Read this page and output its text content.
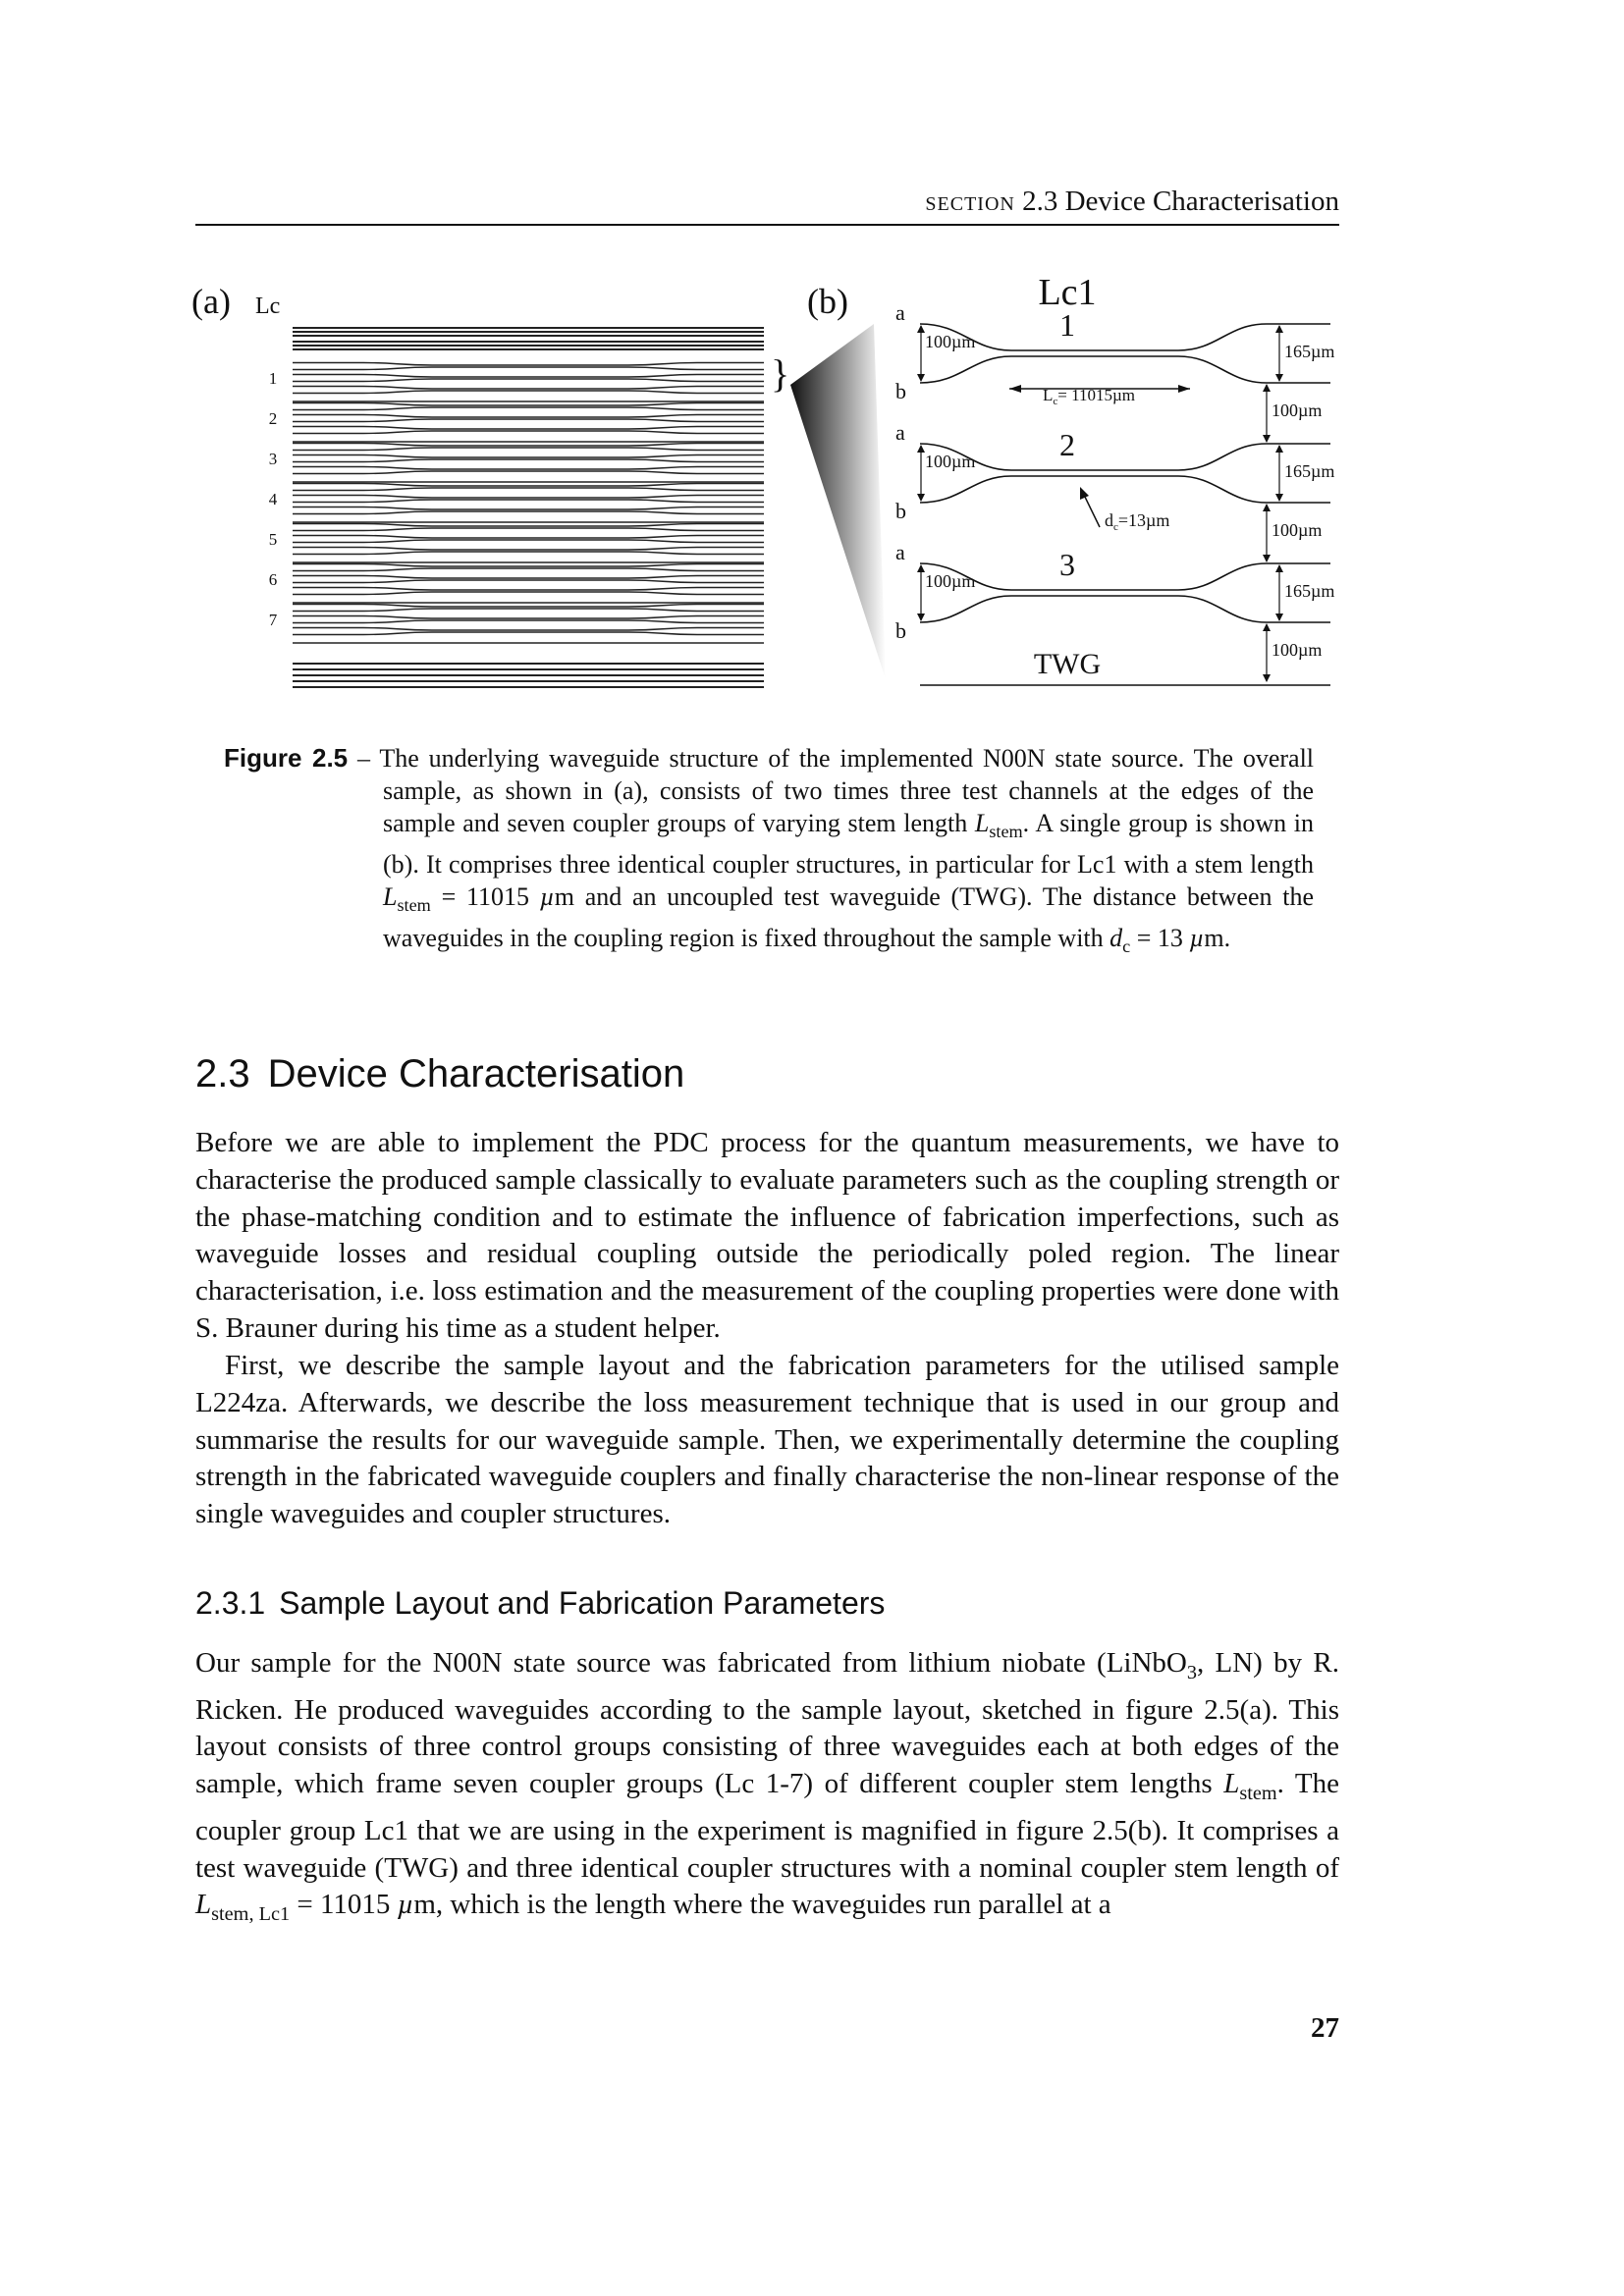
section 2.3 Device Characterisation
(a) Lc
1
2
3
4
5
6
7
}
(b)	Lc1
a
b
100µm	1
165µm
100µm
a
b
100µm	2
165µm
100µm
a
b
100µm	3
165µm
100µm
$L_c= 11015\mu m$
$d_c=13\mu m$
TWG
Figure 2.5 – The underlying waveguide structure of the implemented N00N state source. The overall sample, as shown in (a), consists of two times three test channels at the edges of the sample and seven coupler groups of varying stem length $L_{stem}$. A single group is shown in (b). It comprises three identical coupler structures, in particular for Lc1 with a stem length $L_{stem} = 11015$ µm and an uncoupled test waveguide (TWG). The distance between the waveguides in the coupling region is fixed throughout the sample with $d_c = 13$ µm.
2.3 Device Characterisation

Before we are able to implement the PDC process for the quantum measurements, we have to characterise the produced sample classically to evaluate parameters such as the coupling strength or the phase-matching condition and to estimate the influence of fabrication imperfections, such as waveguide losses and residual coupling outside the periodically poled region. The linear characterisation, i.e. loss estimation and the measurement of the coupling properties were done with S. Brauner during his time as a student helper.

First, we describe the sample layout and the fabrication parameters for the utilised sample L224za. Afterwards, we describe the loss measurement technique that is used in our group and summarise the results for our waveguide sample. Then, we experimentally determine the coupling strength in the fabricated waveguide couplers and finally characterise the non-linear response of the single waveguides and coupler structures.

2.3.1 Sample Layout and Fabrication Parameters

Our sample for the N00N state source was fabricated from lithium niobate (LiNbO$_3$, LN) by R. Ricken. He produced waveguides according to the sample layout, sketched in figure 2.5(a). This layout consists of three control groups consisting of three waveguides each at both edges of the sample, which frame seven coupler groups (Lc 1-7) of different coupler stem lengths $L_{stem}$. The coupler group Lc1 that we are using in the experiment is magnified in figure 2.5(b). It comprises a test waveguide (TWG) and three identical coupler structures with a nominal coupler stem length of $L_{stem, Lc1} = 11015$ µm, which is the length where the waveguides run parallel at a

27
